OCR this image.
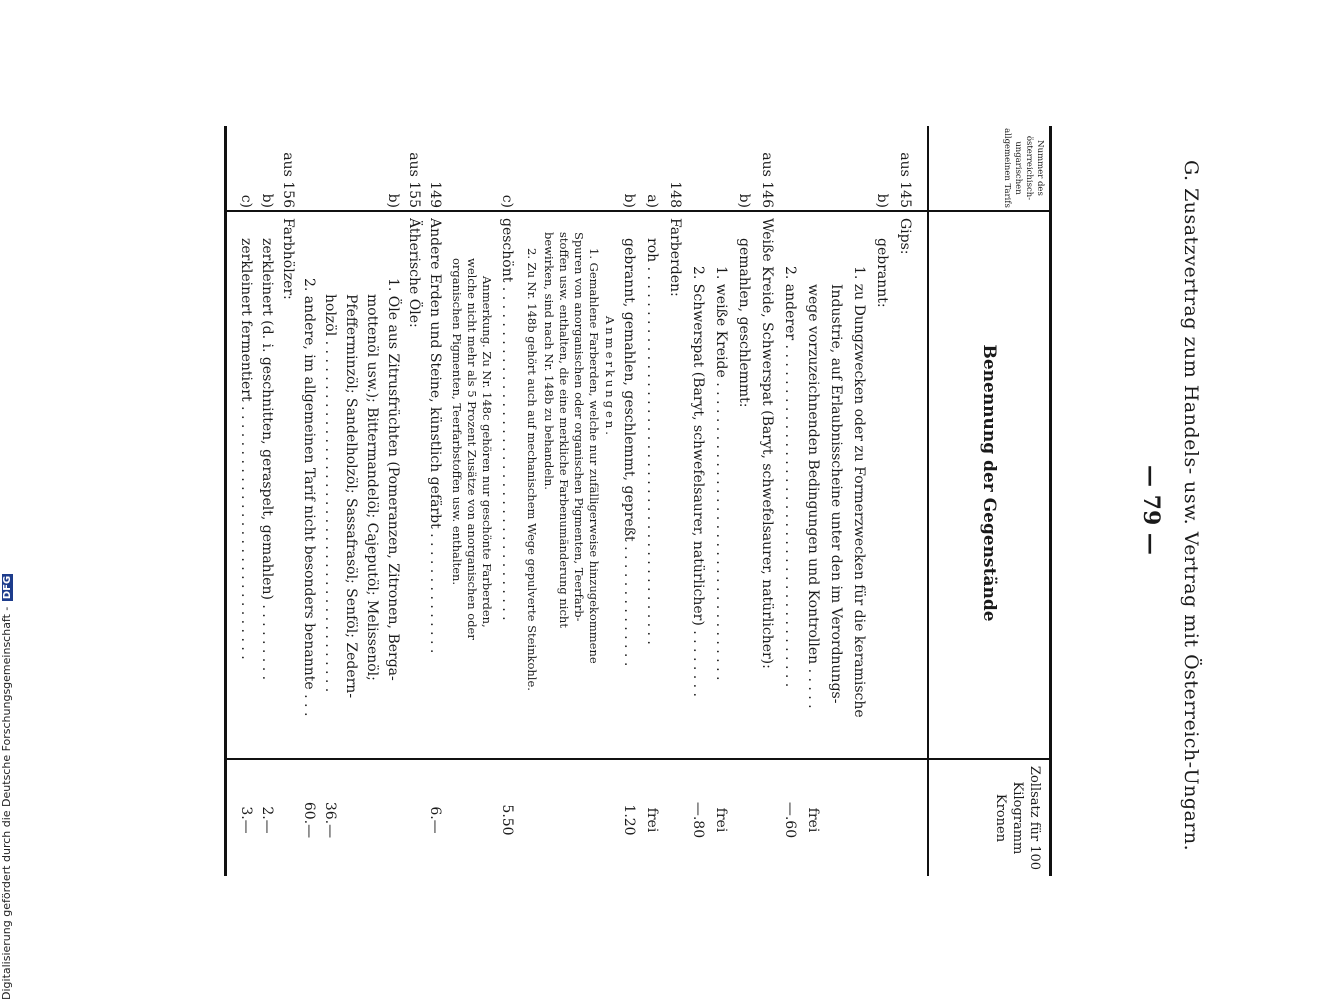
G. Zusatzvertrag zum Handels- usw. Vertrag mit Österreich-Ungarn.
— 79 —
Nummer des österreichisch-ungarischen allgemeinen Tarifs
Benennung der Gegenstände
Zollsatz für 100 Kilogramm Kronen
aus 145
Gips:
b)
gebrannt:
1. zu Dungzwecken oder zu Formerzwecken für die keramische
Industrie, auf Erlaubnisscheine unter den im Verordnungs-
wege vorzuzeichnenden Bedingungen und Kontrollen . . . . .
frei
2. anderer . . . . . . . . . . . . . . . . . . . . . . . . . . . . . . . . . . . . . . .
—.60
aus 146
Weiße Kreide, Schwerspat (Baryt, schwefelsaurer, natürlicher):
b)
gemahlen, geschlemmt:
1. weiße Kreide . . . . . . . . . . . . . . . . . . . . . . . . . . . . . . . . . .
frei
2. Schwerspat (Baryt, schwefelsaurer, natürlicher) . . . . . . . .
—.80
148
Farberden:
a)
roh . . . . . . . . . . . . . . . . . . . . . . . . . . . . . . . . . . . . . . . . . . .
frei
b)
gebrannt, gemahlen, geschlemmt, gepreßt . . . . . . . . . . . . . .
1.20
Anmerkungen.
1. Gemahlene Farberden, welche nur zufälligerweise hinzugekommene
Spuren von anorganischen oder organischen Pigmenten, Teerfarb-
stoffen usw. enthalten, die eine merkliche Farbenumänderung nicht
bewirken, sind nach Nr. 148b zu behandeln.
2. Zu Nr. 148b gehört auch auf mechanischem Wege gepulverte Steinkohle.
c)
geschönt . . . . . . . . . . . . . . . . . . . . . . . . . . . . . . . . . . . . . .
5.50
Anmerkung. Zu Nr. 148c gehören nur geschönte Farberden,
welche nicht mehr als 5 Prozent Zusätze von anorganischen oder
organischen Pigmenten, Teerfarbstoffen usw. enthalten.
149
Andere Erden und Steine, künstlich gefärbt . . . . . . . . . . . . . .
6.—
aus 155
Ätherische Öle:
b)
1. Öle aus Zitrusfrüchten (Pomeranzen, Zitronen, Berga-
mottenöl usw.); Bittermandelöl; Cajeputöl; Melissenöl;
Pfefferminzöl; Sandelholzöl; Sassafrasöl; Senföl; Zedern-
holzöl . . . . . . . . . . . . . . . . . . . . . . . . . . . . . . . . . . . . . . . .
36.—
2. andere, im allgemeinen Tarif nicht besonders benannte . . .
60.—
aus 156
Farbhölzer:
b)
zerkleinert (d. i. geschnitten, geraspelt, gemahlen) . . . . . . . . .
2.—
c)
zerkleinert fermentiert . . . . . . . . . . . . . . . . . . . . . . . . . . . . .
3.—
Digitalisierung gefördert durch die Deutsche Forschungsgemeinschaft - DFG
